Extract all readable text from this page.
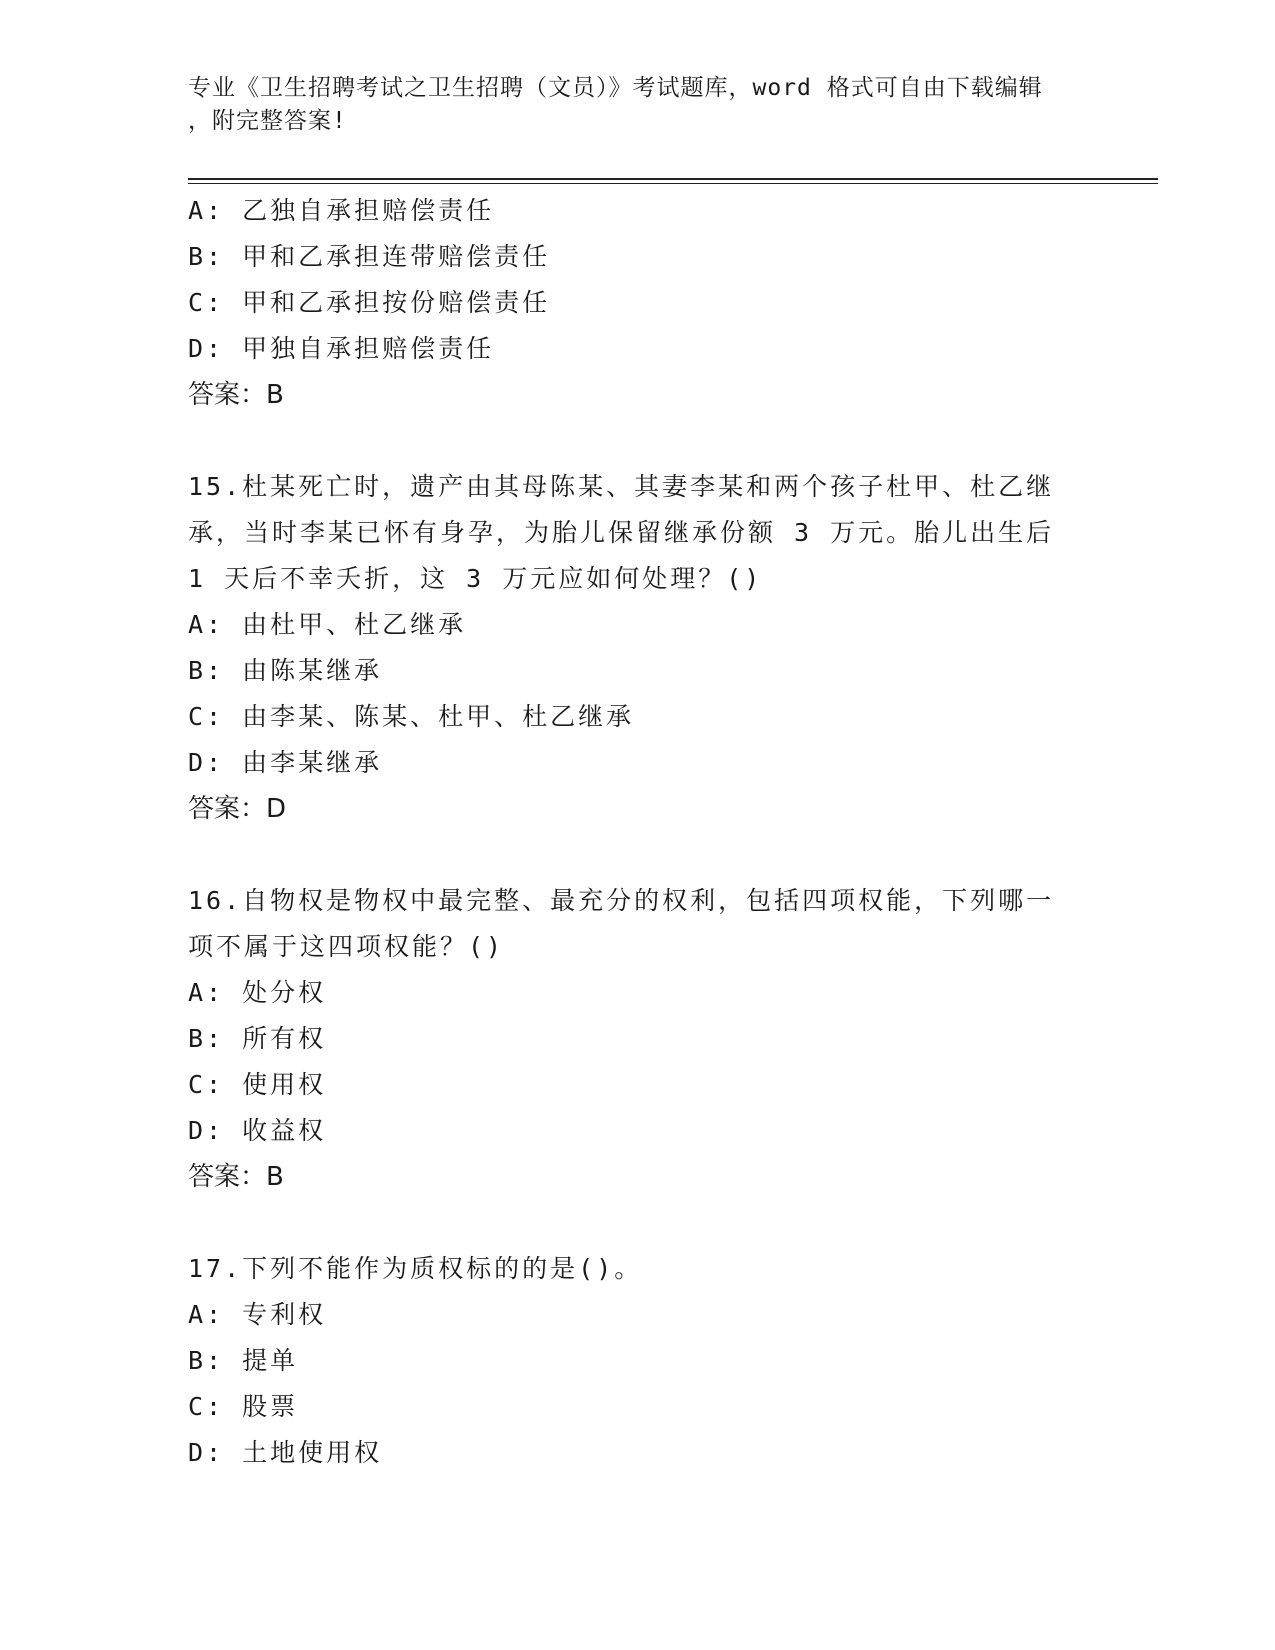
专业《卫生招聘考试之卫生招聘（文员）》考试题库，word 格式可自由下载编辑
，附完整答案!
A: 乙独自承担赔偿责任
B: 甲和乙承担连带赔偿责任
C: 甲和乙承担按份赔偿责任
D: 甲独自承担赔偿责任
答案：B
15.杜某死亡时，遗产由其母陈某、其妻李某和两个孩子杜甲、杜乙继
承，当时李某已怀有身孕，为胎儿保留继承份额 3 万元。胎儿出生后
1 天后不幸夭折，这 3 万元应如何处理？()
A: 由杜甲、杜乙继承
B: 由陈某继承
C: 由李某、陈某、杜甲、杜乙继承
D: 由李某继承
答案：D
16.自物权是物权中最完整、最充分的权利，包括四项权能，下列哪一
项不属于这四项权能？()
A: 处分权
B: 所有权
C: 使用权
D: 收益权
答案：B
17.下列不能作为质权标的的是()。
A: 专利权
B: 提单
C: 股票
D: 土地使用权
